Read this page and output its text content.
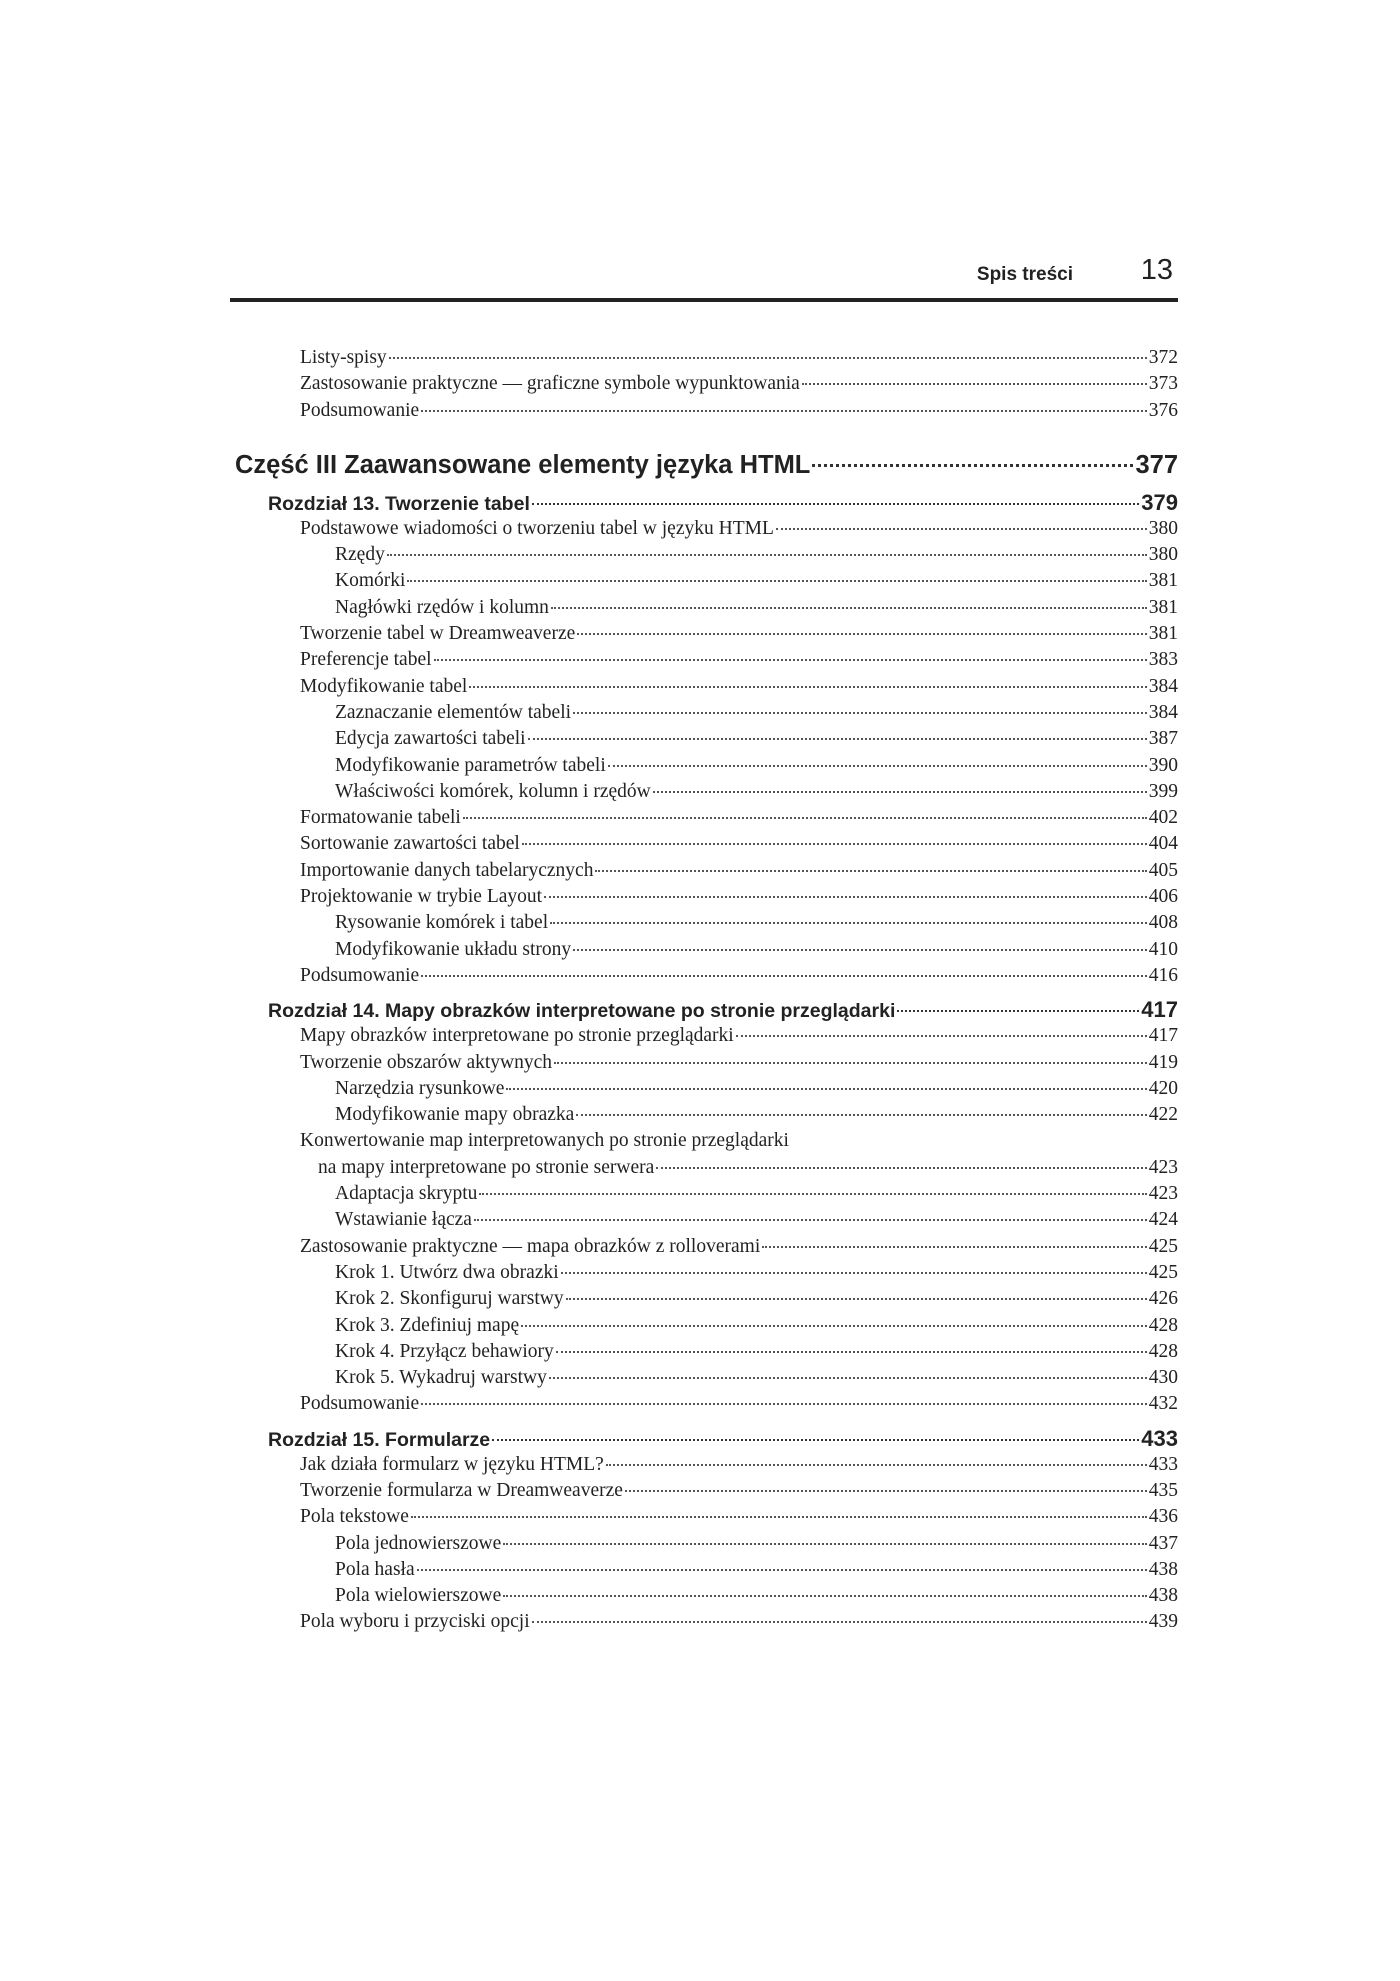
Spis treści 13
Listy-spisy	372
Zastosowanie praktyczne — graficzne symbole wypunktowania	373
Podsumowanie	376
Część III Zaawansowane elementy języka HTML	377
Rozdział 13. Tworzenie tabel	379
Podstawowe wiadomości o tworzeniu tabel w języku HTML	380
Rzędy	380
Komórki	381
Nagłówki rzędów i kolumn	381
Tworzenie tabel w Dreamweaverze	381
Preferencje tabel	383
Modyfikowanie tabel	384
Zaznaczanie elementów tabeli	384
Edycja zawartości tabeli	387
Modyfikowanie parametrów tabeli	390
Właściwości komórek, kolumn i rzędów	399
Formatowanie tabeli	402
Sortowanie zawartości tabel	404
Importowanie danych tabelarycznych	405
Projektowanie w trybie Layout	406
Rysowanie komórek i tabel	408
Modyfikowanie układu strony	410
Podsumowanie	416
Rozdział 14. Mapy obrazków interpretowane po stronie przeglądarki	417
Mapy obrazków interpretowane po stronie przeglądarki	417
Tworzenie obszarów aktywnych	419
Narzędzia rysunkowe	420
Modyfikowanie mapy obrazka	422
Konwertowanie map interpretowanych po stronie przeglądarki
na mapy interpretowane po stronie serwera	423
Adaptacja skryptu	423
Wstawianie łącza	424
Zastosowanie praktyczne — mapa obrazków z rolloverami	425
Krok 1. Utwórz dwa obrazki	425
Krok 2. Skonfiguruj warstwy	426
Krok 3. Zdefiniuj mapę	428
Krok 4. Przyłącz behawiory	428
Krok 5. Wykadruj warstwy	430
Podsumowanie	432
Rozdział 15. Formularze	433
Jak działa formularz w języku HTML?	433
Tworzenie formularza w Dreamweaverze	435
Pola tekstowe	436
Pola jednowierszowe	437
Pola hasła	438
Pola wielowierszowe	438
Pola wyboru i przyciski opcji	439
